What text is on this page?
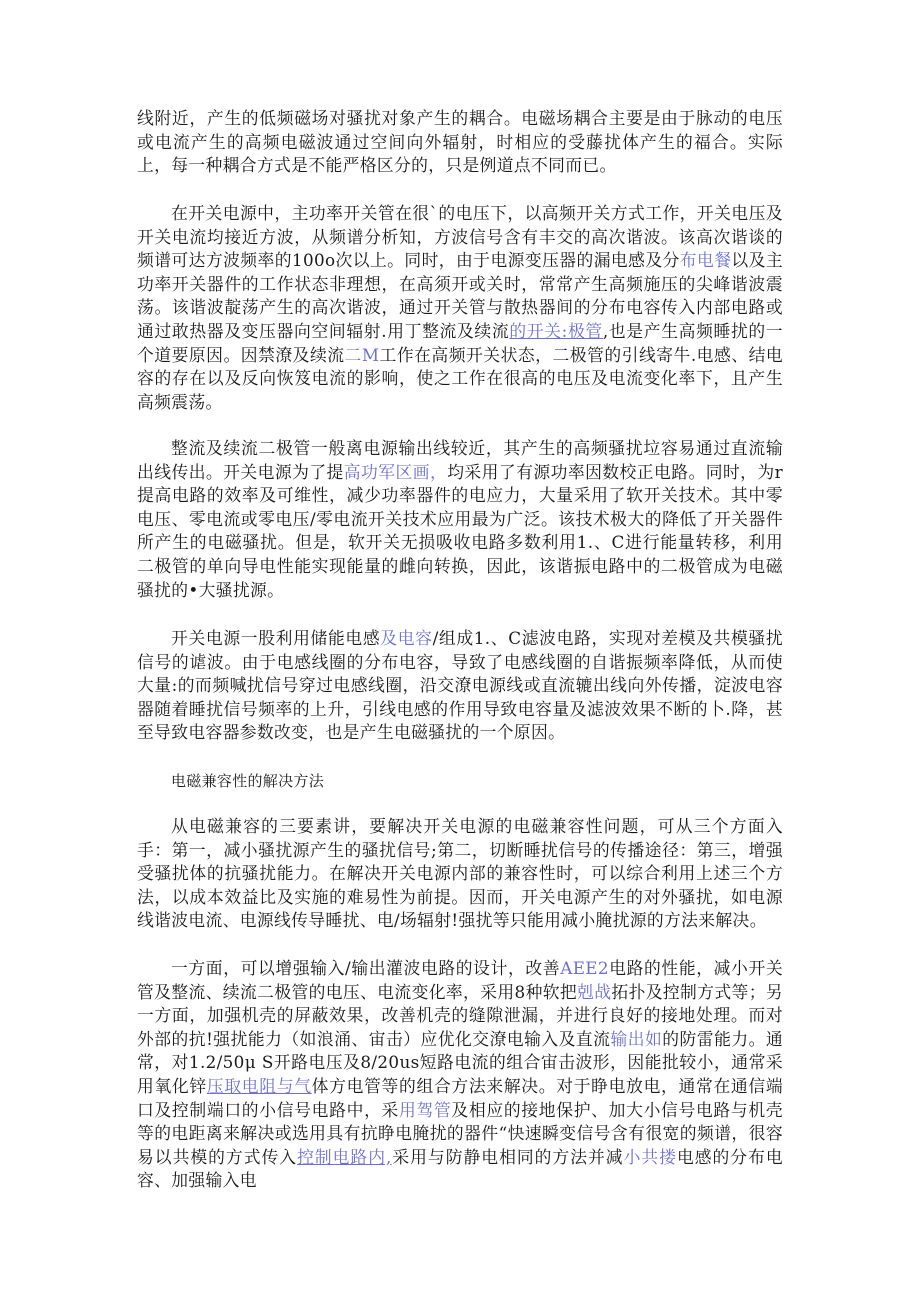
线附近，产生的低频磁场对骚扰对象产生的耦合。电磁场耦合主要是由于脉动的电压或电流产生的高频电磁波通过空间向外辐射，时相应的受藤扰体产生的福合。实际上，每一种耦合方式是不能严格区分的，只是例道点不同而已。

在开关电源中，主功率开关管在很`的电压下，以高频开关方式工作，开关电压及开关电流均接近方波，从频谱分析知，方波信号含有丰交的高次谐波。该高次谐谈的频谱可达方波频率的100o次以上。同时，由于电源变压器的漏电感及分布电餐以及主功率开关器件的工作状态非理想，在高须开或关时，常常产生高频施压的尖峰谐波震荡。该谐波靛荡产生的高次谐波，通过开关管与散热器间的分布电容传入内部电路或通过敢热器及变压器向空间辐射.用丁整流及续流的开关:极管,也是产生高频睡扰的一个道要原因。因禁潦及续流二M工作在高频开关状态，二极管的引线寄牛.电感、结电容的存在以及反向恢笈电流的影响，使之工作在很高的电压及电流变化率下，且产生高频震荡。

整流及续流二极管一般离电源输出线较近，其产生的高频骚扰垃容易通过直流输出线传出。开关电源为了提高功军区画，均采用了有源功率因数校正电路。同时，为r提高电路的效率及可维性，减少功率器件的电应力，大量采用了软开关技术。其中零电压、零电流或零电压/零电流开关技术应用最为广泛。该技术极大的降低了开关器件所产生的电磁骚扰。但是，软开关无损吸收电路多数利用1.、C进行能量转移，利用二极管的单向导电性能实现能量的雌向转换，因此，该谐振电路中的二极管成为电磁骚扰的•大骚扰源。

开关电源一股利用储能电感及电容/组成1.、C滤波电路，实现对差模及共模骚扰信号的谑波。由于电感线圈的分布电容，导致了电感线圈的自谐振频率降低，从而使大量:的而频喊扰信号穿过电感线圈，沿交潦电源线或直流辘出线向外传播，淀波电容器随着睡扰信号频率的上升，引线电感的作用导致电容量及滤波效果不断的卜.降，甚至导致电容器参数改变，也是产生电磁骚扰的一个原因。

电磁兼容性的解决方法

从电磁兼容的三要素讲，要解决开关电源的电磁兼容性问题，可从三个方面入手：第一，减小骚扰源产生的骚扰信号;第二，切断睡扰信号的传播途径：第三，增强受骚扰体的抗骚扰能力。在解决开关电源内部的兼容性时，可以综合利用上述三个方法，以成本效益比及实施的难易性为前提。因而，开关电源产生的对外骚扰，如电源线谐波电流、电源线传导睡扰、电/场辐射!强扰等只能用减小腌扰源的方法来解决。

一方面，可以增强输入/输出灌波电路的设计，改善AEE2电路的性能，减小开关管及整流、续流二极管的电压、电流变化率，采用8种软把剋战拓扑及控制方式等；另一方面，加强机壳的屏蔽效果，改善机壳的缝隙泄漏，并进行良好的接地处理。而对外部的抗!强扰能力（如浪涌、宙击）应优化交潦电输入及直流输出如的防雷能力。通常，对1.2/50μ S开路电压及8/20us短路电流的组合宙击波形，因能批较小，通常采用氧化锌压取电阻与气体方电管等的组合方法来解决。对于睁电放电，通常在通信端口及控制端口的小信号电路中，采用驾管及相应的接地保护、加大小信号电路与机壳等的电距离来解决或选用具有抗睁电腌扰的器件“快速瞬变信号含有很宽的频谱，很容易以共模的方式传入控制电路内,采用与防静电相同的方法并减小共搂电感的分布电容、加强输入电
